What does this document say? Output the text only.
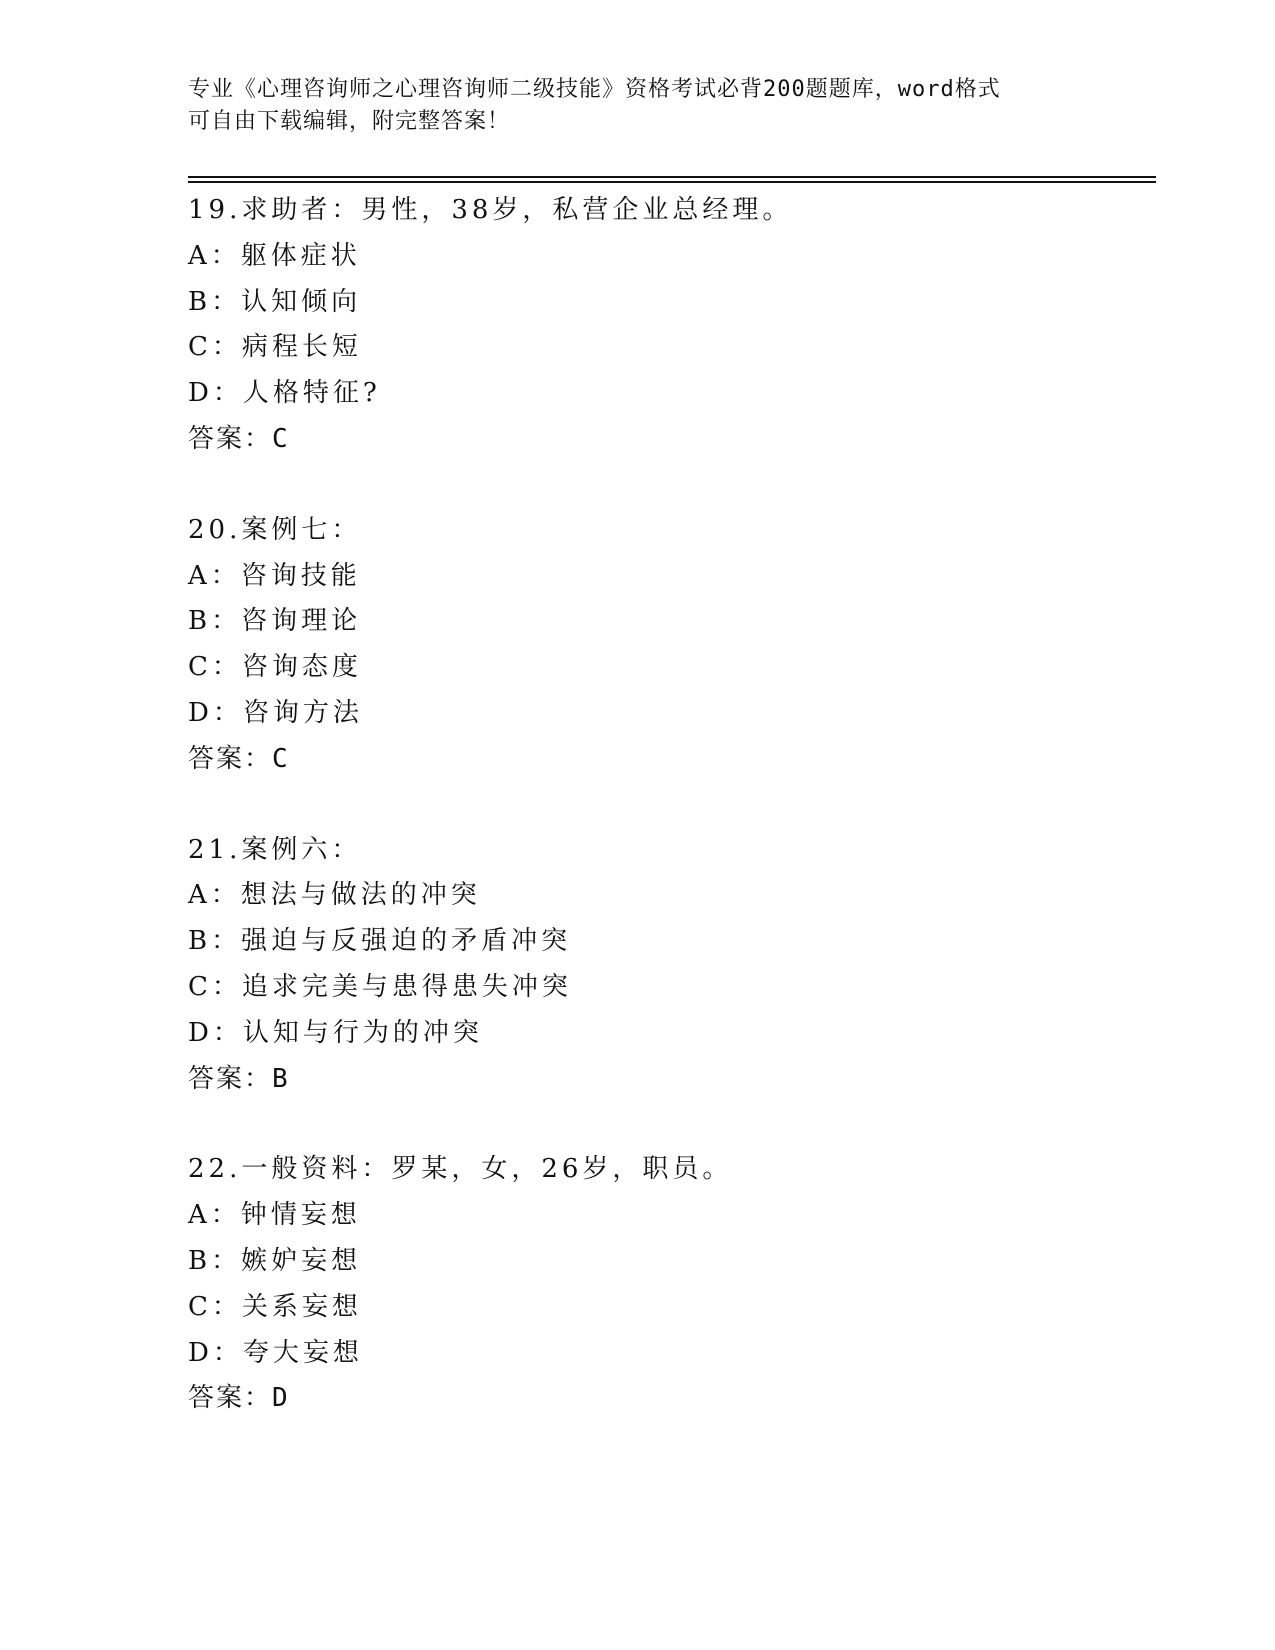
专业《心理咨询师之心理咨询师二级技能》资格考试必背200题题库，word格式
可自由下载编辑，附完整答案！
19.求助者：男性，38岁，私营企业总经理。
A：躯体症状
B：认知倾向
C：病程长短
D：人格特征?
答案：C
20.案例七：
A：咨询技能
B：咨询理论
C：咨询态度
D：咨询方法
答案：C
21.案例六：
A：想法与做法的冲突
B：强迫与反强迫的矛盾冲突
C：追求完美与患得患失冲突
D：认知与行为的冲突
答案：B
22.一般资料：罗某，女，26岁，职员。
A：钟情妄想
B：嫉妒妄想
C：关系妄想
D：夸大妄想
答案：D
